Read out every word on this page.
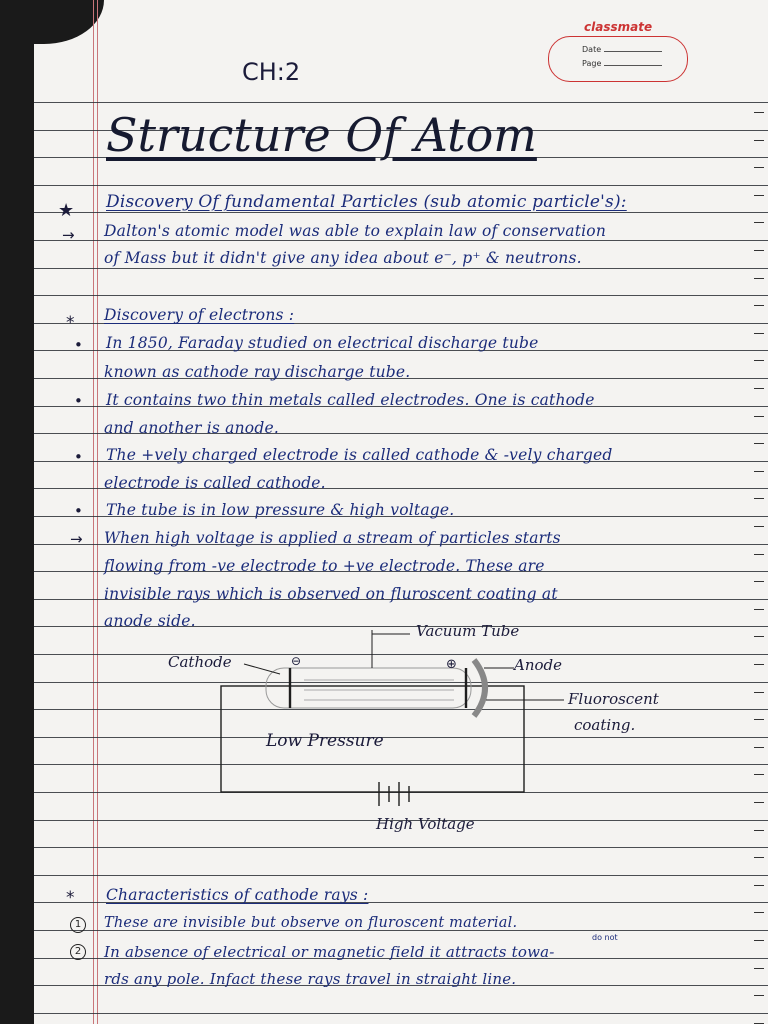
classmate
Date
Page
CH:2
Structure Of Atom
★
→
*
•
•
•
•
→
*
1
2
Discovery Of fundamental Particles (sub atomic particle's):
Dalton's atomic model was able to explain law of conservation
of Mass but it didn't give any idea about e⁻, p⁺ & neutrons.
Discovery of electrons :
In 1850, Faraday studied on electrical discharge tube
known as cathode ray discharge tube.
It contains two thin metals called electrodes. One is cathode
and another is anode.
The +vely charged electrode is called cathode & -vely charged
electrode is called cathode.
The tube is in low pressure & high voltage.
When high voltage is applied a stream of particles starts
flowing from -ve electrode to +ve electrode. These are
invisible rays which is observed on fluroscent coating at
anode side.
Vacuum Tube
Cathode	Anode
Fluoroscent
coating.
Low Pressure
High Voltage
⊖	⊕
Characteristics of cathode rays :
These are invisible but observe on fluroscent material.
do not
In absence of electrical or magnetic field it attracts towa-
rds any pole. Infact these rays travel in straight line.
